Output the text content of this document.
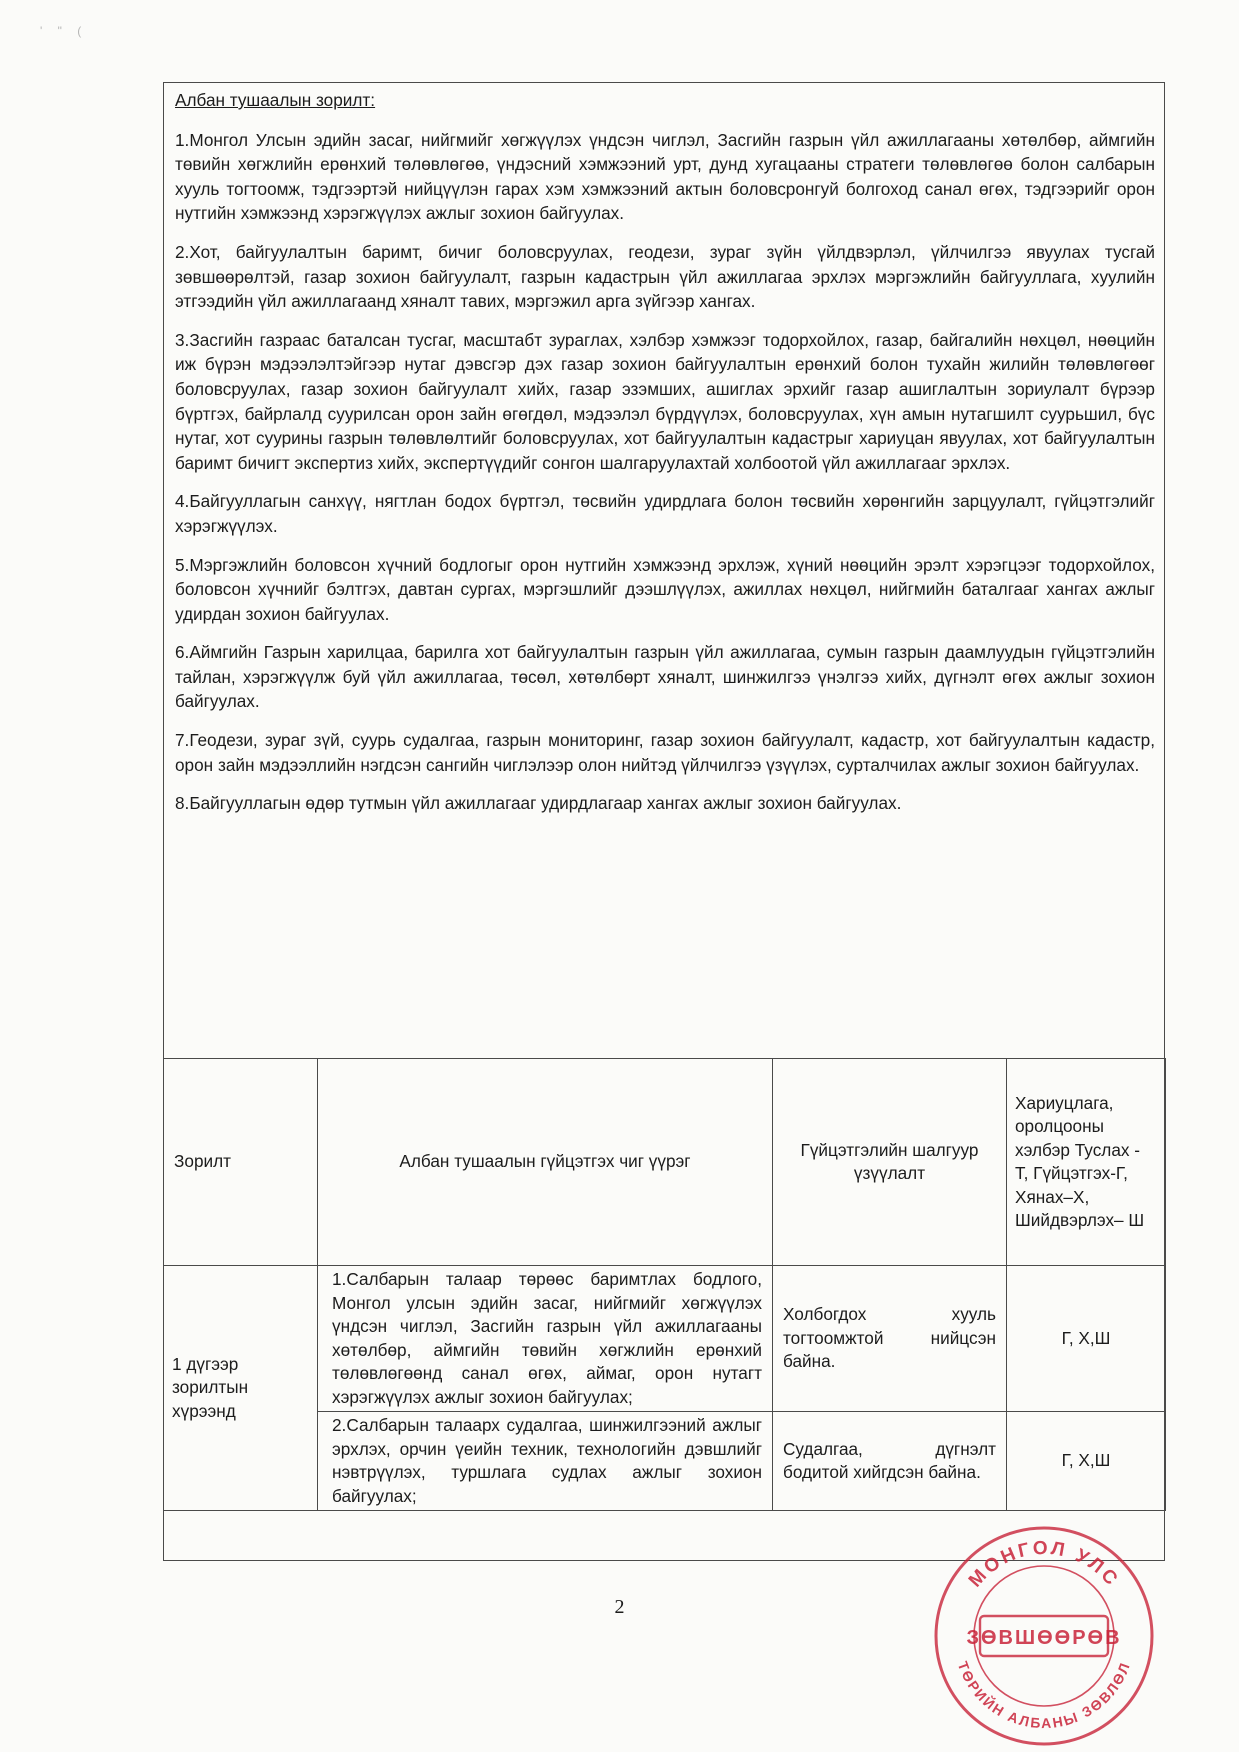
' " (
Албан тушаалын зорилт:

1.Монгол Улсын эдийн засаг, нийгмийг хөгжүүлэх үндсэн чиглэл, Засгийн газрын үйл ажиллагааны хөтөлбөр, аймгийн төвийн хөгжлийн ерөнхий төлөвлөгөө, үндэсний хэмжээний урт, дунд хугацааны стратеги төлөвлөгөө болон салбарын хууль тогтоомж, тэдгээртэй нийцүүлэн гарах хэм хэмжээний актын боловсронгуй болгоход санал өгөх, тэдгээрийг орон нутгийн хэмжээнд хэрэгжүүлэх ажлыг зохион байгуулах.

2.Хот, байгуулалтын баримт, бичиг боловсруулах, геодези, зураг зүйн үйлдвэрлэл, үйлчилгээ явуулах тусгай зөвшөөрөлтэй, газар зохион байгуулалт, газрын кадастрын үйл ажиллагаа эрхлэх мэргэжлийн байгууллага, хуулийн этгээдийн үйл ажиллагаанд хяналт тавих, мэргэжил арга зүйгээр хангах.

3.Засгийн газраас баталсан тусгаг, масштабт зураглах, хэлбэр хэмжээг тодорхойлох, газар, байгалийн нөхцөл, нөөцийн иж бүрэн мэдээлэлтэйгээр нутаг дэвсгэр дэх газар зохион байгуулалтын ерөнхий болон тухайн жилийн төлөвлөгөөг боловсруулах, газар зохион байгуулалт хийх, газар эзэмших, ашиглах эрхийг газар ашиглалтын зориулалт бүрээр бүртгэх, байрлалд суурилсан орон зайн өгөгдөл, мэдээлэл бүрдүүлэх, боловсруулах, хүн амын нутагшилт суурьшил, бүс нутаг, хот суурины газрын төлөвлөлтийг боловсруулах, хот байгуулалтын кадастрыг хариуцан явуулах, хот байгуулалтын баримт бичигт экспертиз хийх, экспертүүдийг сонгон шалгаруулахтай холбоотой үйл ажиллагааг эрхлэх.

4.Байгууллагын санхүү, нягтлан бодох бүртгэл, төсвийн удирдлага болон төсвийн хөрөнгийн зарцуулалт, гүйцэтгэлийг хэрэгжүүлэх.

5.Мэргэжлийн боловсон хүчний бодлогыг орон нутгийн хэмжээнд эрхлэж, хүний нөөцийн эрэлт хэрэгцээг тодорхойлох, боловсон хүчнийг бэлтгэх, давтан сургах, мэргэшлийг дээшлүүлэх, ажиллах нөхцөл, нийгмийн баталгааг хангах ажлыг удирдан зохион байгуулах.

6.Аймгийн Газрын харилцаа, барилга хот байгуулалтын газрын үйл ажиллагаа, сумын газрын даамлуудын гүйцэтгэлийн тайлан, хэрэгжүүлж буй үйл ажиллагаа, төсөл, хөтөлбөрт хяналт, шинжилгээ үнэлгээ хийх, дүгнэлт өгөх ажлыг зохион байгуулах.

7.Геодези, зураг зүй, суурь судалгаа, газрын мониторинг, газар зохион байгуулалт, кадастр, хот байгуулалтын кадастр, орон зайн мэдээллийн нэгдсэн сангийн чиглэлээр олон нийтэд үйлчилгээ үзүүлэх, сурталчилах ажлыг зохион байгуулах.

8.Байгууллагын өдөр тутмын үйл ажиллагааг удирдлагаар хангах ажлыг зохион байгуулах.

Зорилт	Албан тушаалын гүйцэтгэх чиг үүрэг	Гүйцэтгэлийн шалгуур үзүүлалт	Хариуцлага, оролцооны хэлбэр Туслах - Т, Гүйцэтгэх-Г, Хянах–Х, Шийдвэрлэх– Ш
1 дүгээр зорилтын хүрээнд	1.Салбарын талаар төрөөс баримтлах бодлого, Монгол улсын эдийн засаг, нийгмийг хөгжүүлэх үндсэн чиглэл, Засгийн газрын үйл ажиллагааны хөтөлбөр, аймгийн төвийн хөгжлийн ерөнхий төлөвлөгөөнд санал өгөх, аймаг, орон нутагт хэрэгжүүлэх ажлыг зохион байгуулах;	Холбогдох хууль тогтоомжтой нийцсэн байна.	Г, Х,Ш
	2.Салбарын талаарх судалгаа, шинжилгээний ажлыг эрхлэх, орчин үеийн техник, технологийн дэвшлийг нэвтрүүлэх, туршлага судлах ажлыг зохион байгуулах;	Судалгаа, дүгнэлт бодитой хийгдсэн байна.	Г, Х,Ш
2
МОНГОЛ УЛС
ЗӨВШӨӨРӨВ
ТӨРИЙН АЛБАНЫ ЗӨВЛӨЛ
